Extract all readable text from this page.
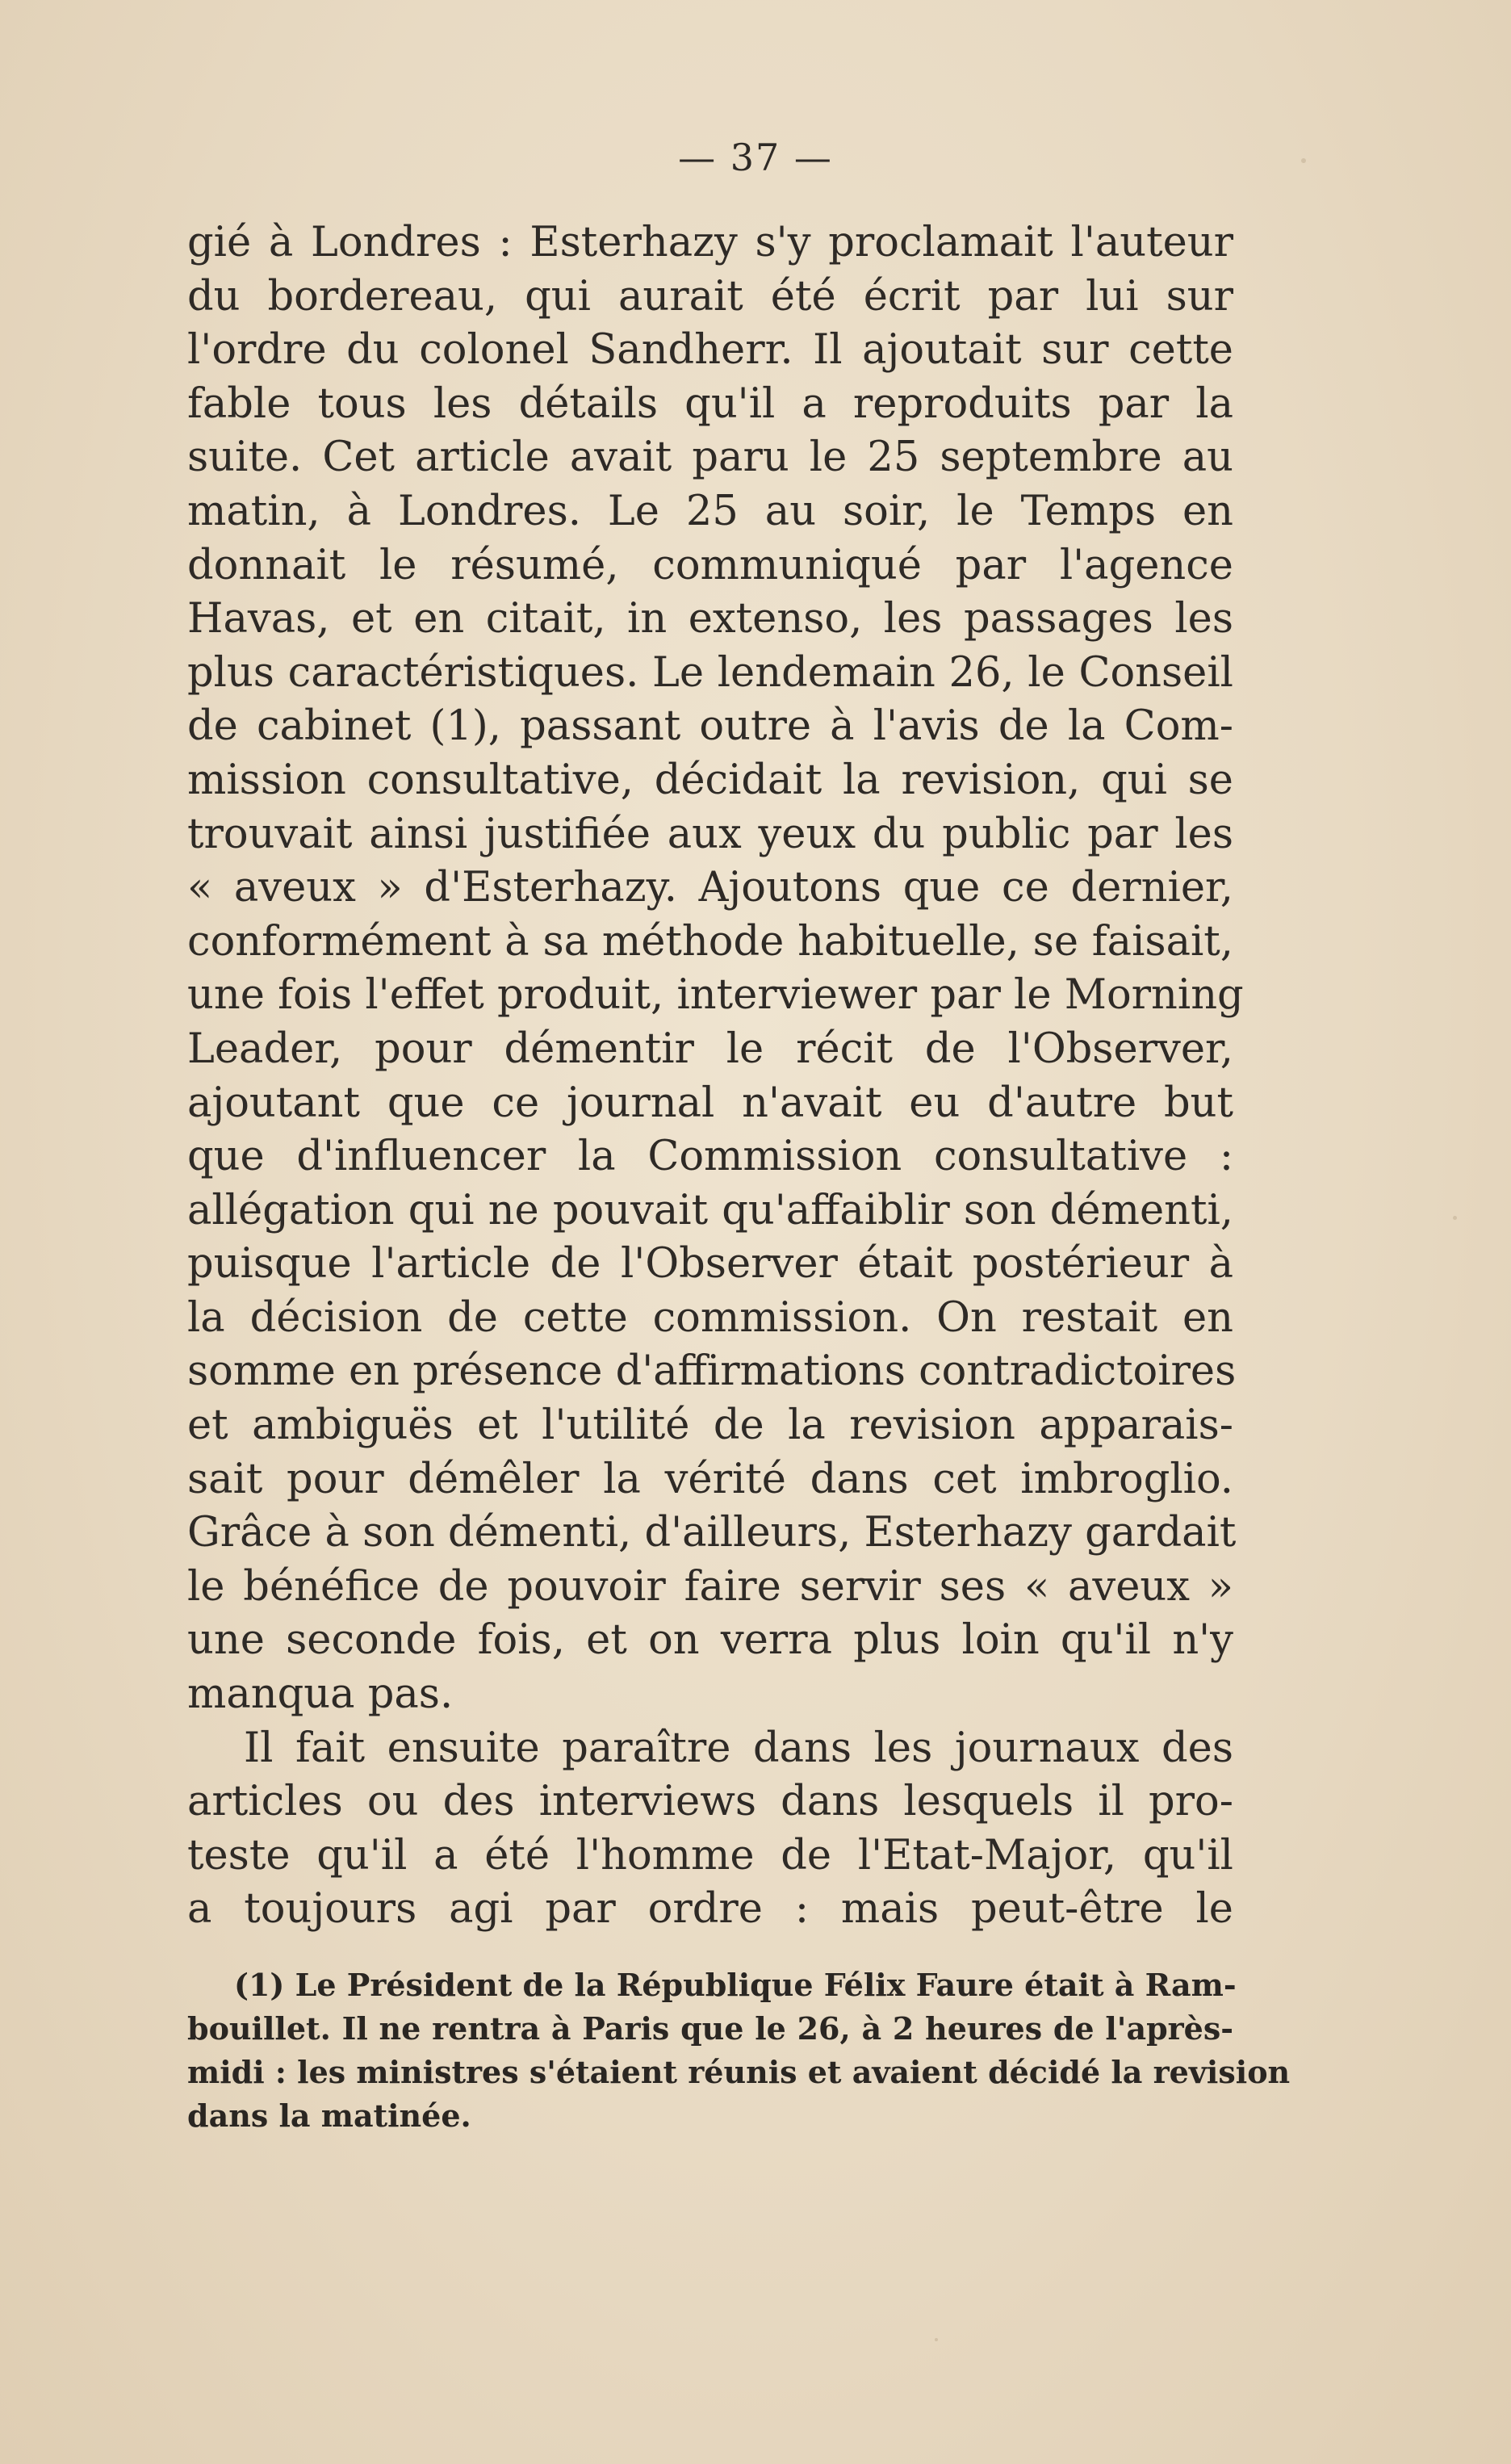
— 37 —
gié à Londres : Esterhazy s'y proclamait l'auteur
du bordereau, qui aurait été écrit par lui sur
l'ordre du colonel Sandherr. Il ajoutait sur cette
fable tous les détails qu'il a reproduits par la
suite. Cet article avait paru le 25 septembre au
matin, à Londres. Le 25 au soir, le Temps en
donnait le résumé, communiqué par l'agence
Havas, et en citait, in extenso, les passages les
plus caractéristiques. Le lendemain 26, le Conseil
de cabinet (1), passant outre à l'avis de la Com-
mission consultative, décidait la revision, qui se
trouvait ainsi justifiée aux yeux du public par les
« aveux » d'Esterhazy. Ajoutons que ce dernier,
conformément à sa méthode habituelle, se faisait,
une fois l'effet produit, interviewer par le Morning
Leader, pour démentir le récit de l'Observer,
ajoutant que ce journal n'avait eu d'autre but
que d'influencer la Commission consultative :
allégation qui ne pouvait qu'affaiblir son démenti,
puisque l'article de l'Observer était postérieur à
la décision de cette commission. On restait en
somme en présence d'affirmations contradictoires
et ambiguës et l'utilité de la revision apparais-
sait pour démêler la vérité dans cet imbroglio.
Grâce à son démenti, d'ailleurs, Esterhazy gardait
le bénéfice de pouvoir faire servir ses « aveux »
une seconde fois, et on verra plus loin qu'il n'y
manqua pas.
Il fait ensuite paraître dans les journaux des
articles ou des interviews dans lesquels il pro-
teste qu'il a été l'homme de l'Etat-Major, qu'il
a toujours agi par ordre : mais peut-être le
(1) Le Président de la République Félix Faure était à Ram-
bouillet. Il ne rentra à Paris que le 26, à 2 heures de l'après-
midi : les ministres s'étaient réunis et avaient décidé la revision
dans la matinée.
